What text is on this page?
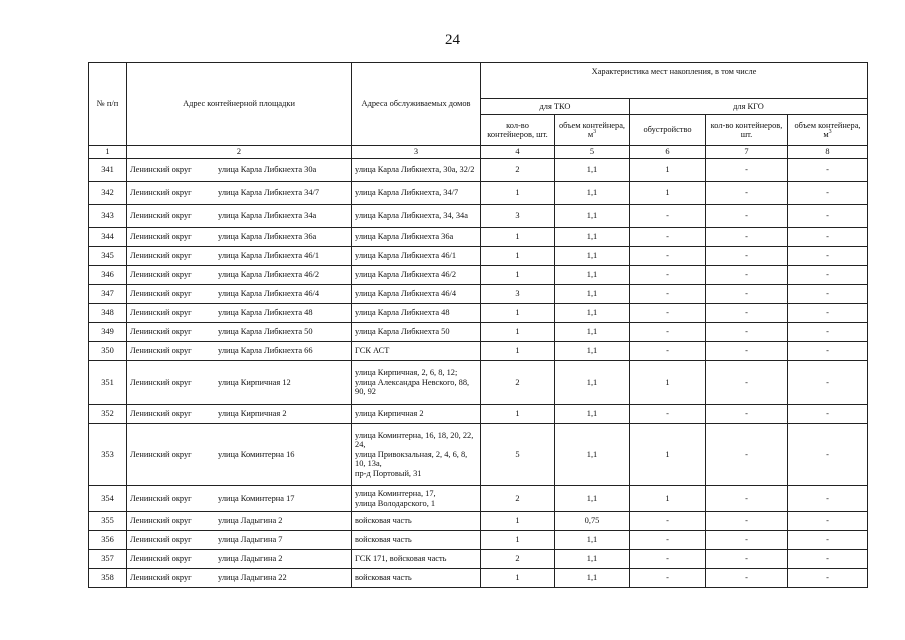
24
№ п/п	Адрес контейнерной площадки	Адреса обслуживаемых домов	Характеристика мест накопления, в том числе				
			для ТКО		для КГО		
			кол-во контейнеров, шт.	объем контейнера, $м^3$	обустройство	кол-во контейнеров, шт.	объем контейнера, $м^3$
1	2	3	4	5	6	7	8
341	Ленинский округ улица Карла Либкнехта 30а	улица Карла Либкнехта, 30а, 32/2	2	1,1	1	-	-
342	Ленинский округ улица Карла Либкнехта 34/7	улица Карла Либкнехта, 34/7	1	1,1	1	-	-
343	Ленинский округ улица Карла Либкнехта 34а	улица Карла Либкнехта, 34, 34а	3	1,1	-	-	-
344	Ленинский округ улица Карла Либкнехта 36а	улица Карла Либкнехта 36а	1	1,1	-	-	-
345	Ленинский округ улица Карла Либкнехта 46/1	улица Карла Либкнехта 46/1	1	1,1	-	-	-
346	Ленинский округ улица Карла Либкнехта 46/2	улица Карла Либкнехта 46/2	1	1,1	-	-	-
347	Ленинский округ улица Карла Либкнехта 46/4	улица Карла Либкнехта 46/4	3	1,1	-	-	-
348	Ленинский округ улица Карла Либкнехта 48	улица Карла Либкнехта 48	1	1,1	-	-	-
349	Ленинский округ улица Карла Либкнехта 50	улица Карла Либкнехта 50	1	1,1	-	-	-
350	Ленинский округ улица Карла Либкнехта 66	ГСК АСТ	1	1,1	-	-	-
351	Ленинский округ улица Кирпичная 12	улица Кирпичная, 2, 6, 8, 12;
улица Александра Невского, 88, 90, 92	2	1,1	1	-	-
352	Ленинский округ улица Кирпичная 2	улица Кирпичная 2	1	1,1	-	-	-
353	Ленинский округ улица Коминтерна 16	улица Коминтерна, 16, 18, 20, 22, 24,
улица Привокзальная, 2, 4, 6, 8, 10, 13а,
пр-д Портовый, 31	5	1,1	1	-	-
354	Ленинский округ улица Коминтерна 17	улица Коминтерна, 17,
улица Володарского, 1	2	1,1	1	-	-
355	Ленинский округ улица Ладыгина 2	войсковая часть	1	0,75	-	-	-
356	Ленинский округ улица Ладыгина 7	войсковая часть	1	1,1	-	-	-
357	Ленинский округ улица Ладыгина 2	ГСК 171, войсковая часть	2	1,1	-	-	-
358	Ленинский округ улица Ладыгина 22	войсковая часть	1	1,1	-	-	-
